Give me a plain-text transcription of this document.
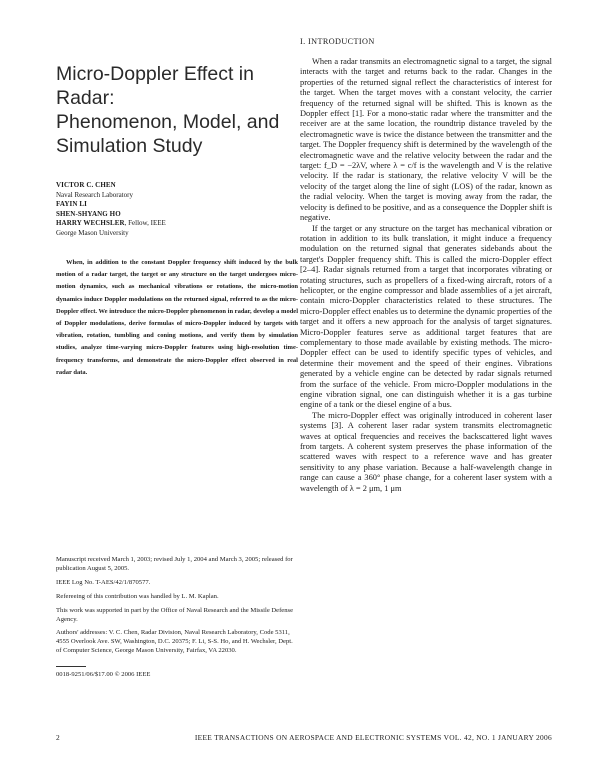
Micro-Doppler Effect in Radar:
Phenomenon, Model, and
Simulation Study
VICTOR C. CHEN
Naval Research Laboratory
FAYIN LI
SHEN-SHYANG HO
HARRY WECHSLER, Fellow, IEEE
George Mason University

When, in addition to the constant Doppler frequency shift induced by the bulk motion of a radar target, the target or any structure on the target undergoes micro-motion dynamics, such as mechanical vibrations or rotations, the micro-motion dynamics induce Doppler modulations on the returned signal, referred to as the micro-Doppler effect. We introduce the micro-Doppler phenomenon in radar, develop a model of Doppler modulations, derive formulas of micro-Doppler induced by targets with vibration, rotation, tumbling and coning motions, and verify them by simulation studies, analyze time-varying micro-Doppler features using high-resolution time-frequency transforms, and demonstrate the micro-Doppler effect observed in real radar data.

Manuscript received March 1, 2003; revised July 1, 2004 and March 3, 2005; released for publication August 5, 2005.

IEEE Log No. T-AES/42/1/870577.

Refereeing of this contribution was handled by L. M. Kaplan.

This work was supported in part by the Office of Naval Research and the Missile Defense Agency.

Authors' addresses: V. C. Chen, Radar Division, Naval Research Laboratory, Code 5311, 4555 Overlook Ave. SW, Washington, D.C. 20375; F. Li, S-S. Ho, and H. Wechsler, Dept. of Computer Science, George Mason University, Fairfax, VA 22030.

0018-9251/06/$17.00 © 2006 IEEE
I. INTRODUCTION

When a radar transmits an electromagnetic signal to a target, the signal interacts with the target and returns back to the radar. Changes in the properties of the returned signal reflect the characteristics of interest for the target. When the target moves with a constant velocity, the carrier frequency of the returned signal will be shifted. This is known as the Doppler effect [1]. For a mono-static radar where the transmitter and the receiver are at the same location, the roundtrip distance traveled by the electromagnetic wave is twice the distance between the transmitter and the target. The Doppler frequency shift is determined by the wavelength of the electromagnetic wave and the relative velocity between the radar and the target: f_D = −2λV, where λ = c/f is the wavelength and V is the relative velocity. If the radar is stationary, the relative velocity V will be the velocity of the target along the line of sight (LOS) of the radar, known as the radial velocity. When the target is moving away from the radar, the velocity is defined to be positive, and as a consequence the Doppler shift is negative.

If the target or any structure on the target has mechanical vibration or rotation in addition to its bulk translation, it might induce a frequency modulation on the returned signal that generates sidebands about the target's Doppler frequency shift. This is called the micro-Doppler effect [2–4]. Radar signals returned from a target that incorporates vibrating or rotating structures, such as propellers of a fixed-wing aircraft, rotors of a helicopter, or the engine compressor and blade assemblies of a jet aircraft, contain micro-Doppler characteristics related to these structures. The micro-Doppler effect enables us to determine the dynamic properties of the target and it offers a new approach for the analysis of target signatures. Micro-Doppler features serve as additional target features that are complementary to those made available by existing methods. The micro-Doppler effect can be used to identify specific types of vehicles, and determine their movement and the speed of their engines. Vibrations generated by a vehicle engine can be detected by radar signals returned from the surface of the vehicle. From micro-Doppler modulations in the engine vibration signal, one can distinguish whether it is a gas turbine engine of a tank or the diesel engine of a bus.

The micro-Doppler effect was originally introduced in coherent laser systems [3]. A coherent laser radar system transmits electromagnetic waves at optical frequencies and receives the backscattered light waves from targets. A coherent system preserves the phase information of the scattered waves with respect to a reference wave and has greater sensitivity to any phase variation. Because a half-wavelength change in range can cause a 360° phase change, for a coherent laser system with a wavelength of λ = 2 μm, 1 μm

2	IEEE TRANSACTIONS ON AEROSPACE AND ELECTRONIC SYSTEMS VOL. 42, NO. 1 JANUARY 2006
